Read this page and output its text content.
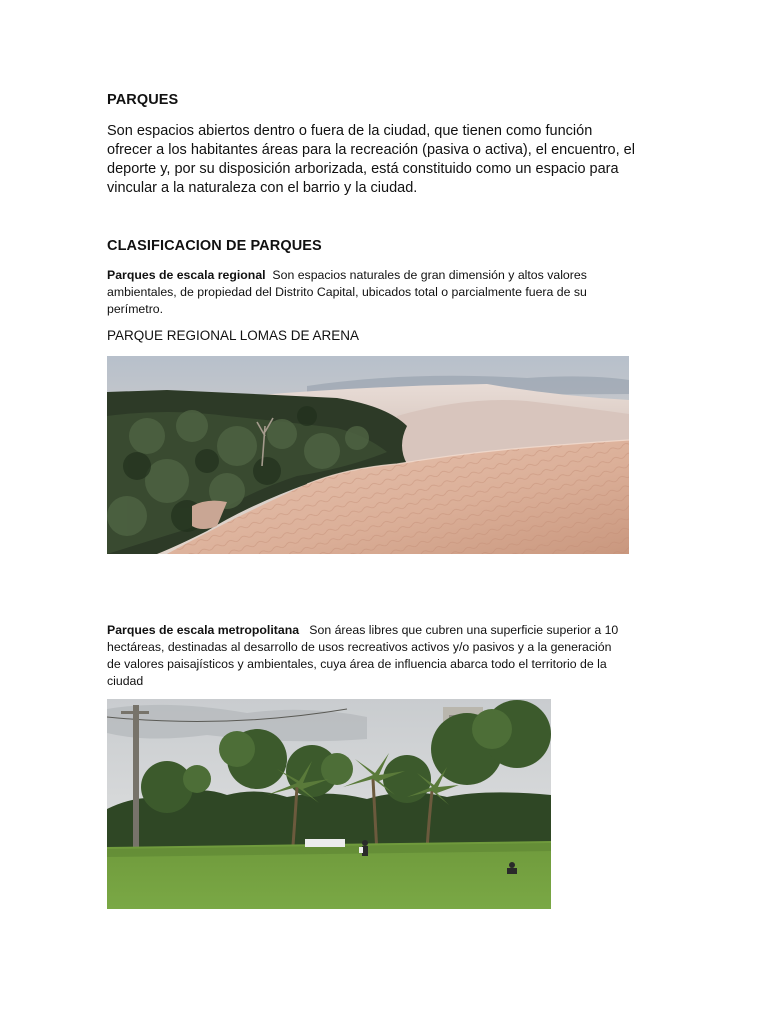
PARQUES
Son espacios abiertos dentro o fuera de la ciudad, que tienen como función
ofrecer a los habitantes áreas para la recreación (pasiva o activa), el encuentro, el
deporte y, por su disposición arborizada, está constituido como un espacio para
vincular a la naturaleza con el barrio y la ciudad.
CLASIFICACION DE PARQUES
Parques de escala regional  Son espacios naturales de gran dimensión y altos valores
ambientales, de propiedad del Distrito Capital, ubicados total o parcialmente fuera de su
perímetro.
PARQUE REGIONAL LOMAS DE ARENA
Parques de escala metropolitana   Son áreas libres que cubren una superficie superior a 10
hectáreas, destinadas al desarrollo de usos recreativos activos y/o pasivos y a la generación
de valores paisajísticos y ambientales, cuya área de influencia abarca todo el territorio de la
ciudad
